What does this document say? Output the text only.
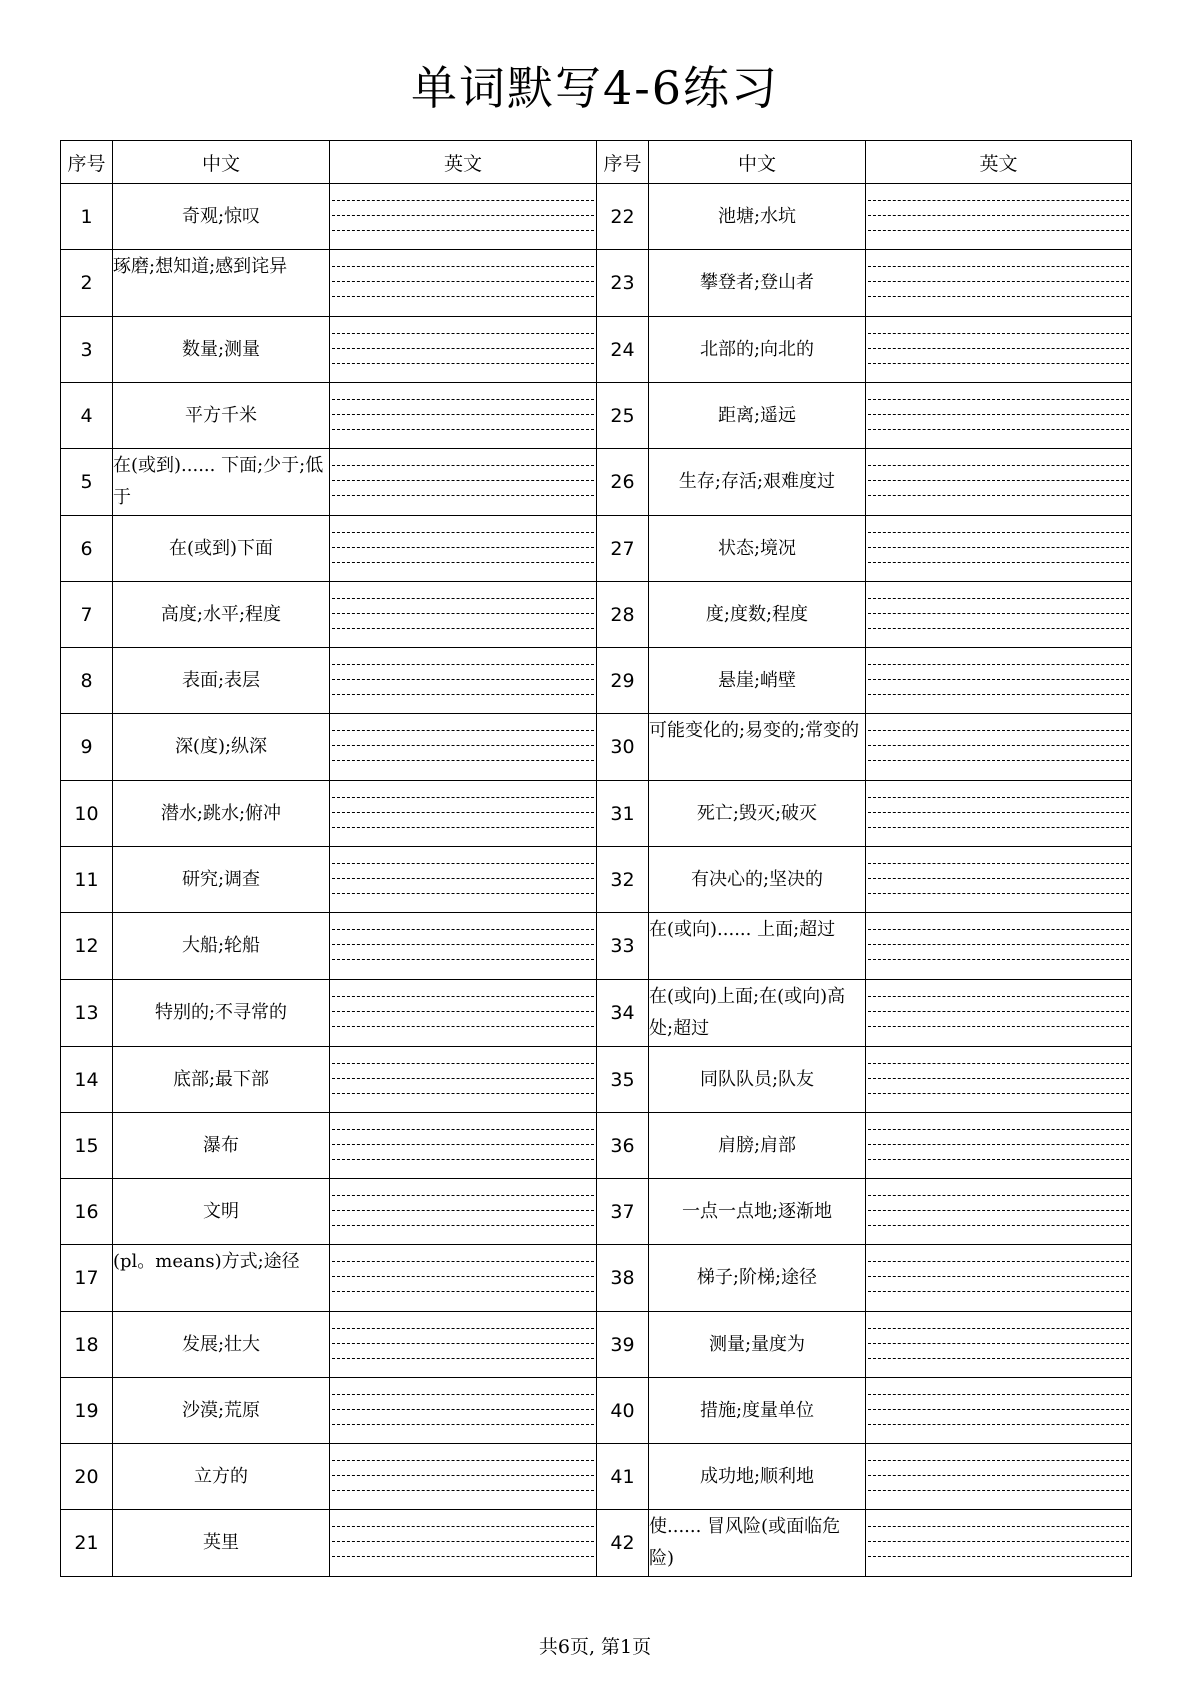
单词默写4-6练习
序号	中文	英文	序号	中文	英文
1	奇观;惊叹		22	池塘;水坑	

2	琢磨;想知道;感到诧异		23	攀登者;登山者	

3	数量;测量		24	北部的;向北的	

4	平方千米		25	距离;遥远	

5	在(或到)...... 下面;少于;低于		26	生存;存活;艰难度过	

6	在(或到)下面		27	状态;境况	

7	高度;水平;程度		28	度;度数;程度	

8	表面;表层		29	悬崖;峭壁	

9	深(度);纵深		30	可能变化的;易变的;常变的	

10	潜水;跳水;俯冲		31	死亡;毁灭;破灭	

11	研究;调查		32	有决心的;坚决的	

12	大船;轮船		33	在(或向)...... 上面;超过	

13	特别的;不寻常的		34	在(或向)上面;在(或向)高处;超过	

14	底部;最下部		35	同队队员;队友	

15	瀑布		36	肩膀;肩部	

16	文明		37	一点一点地;逐渐地	

17	(pl。means)方式;途径		38	梯子;阶梯;途径	

18	发展;壮大		39	测量;量度为	

19	沙漠;荒原		40	措施;度量单位	

20	立方的		41	成功地;顺利地	

21	英里		42	使...... 冒风险(或面临危险)	
共6页, 第1页
